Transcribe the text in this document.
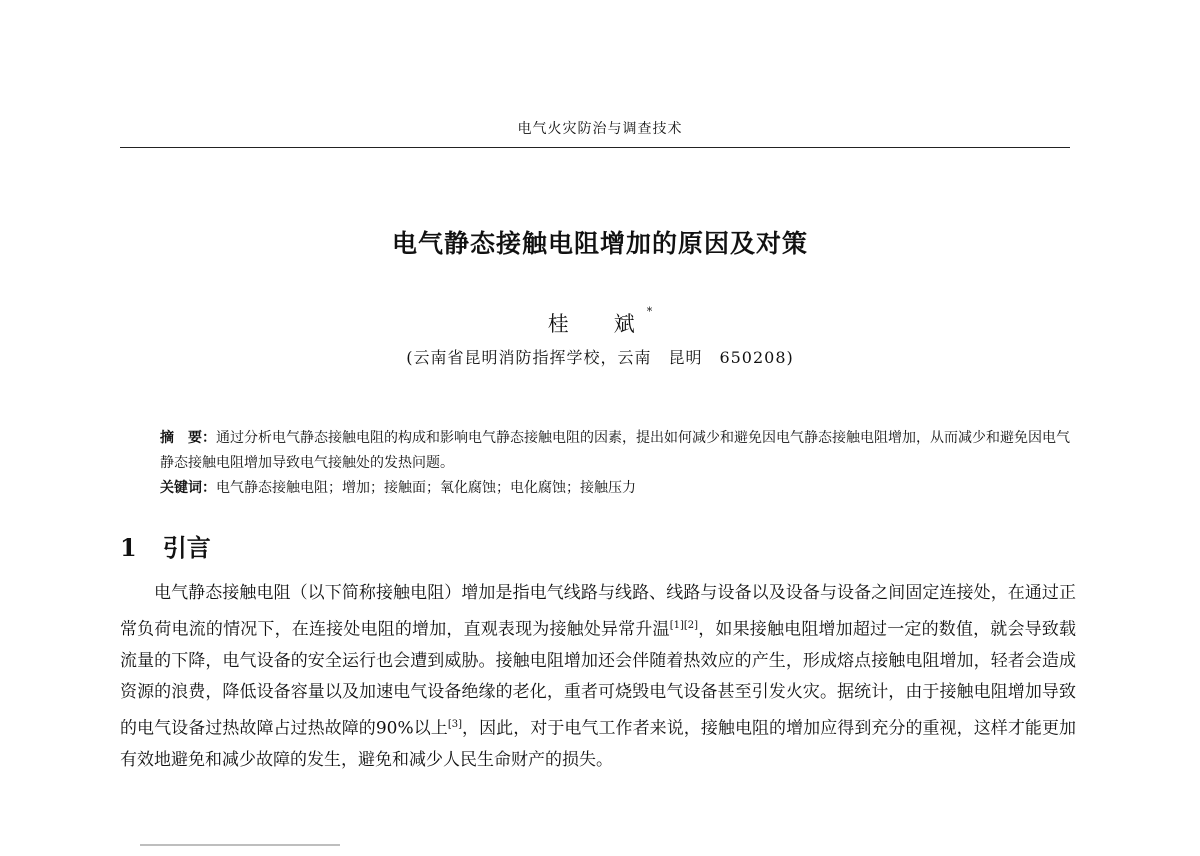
电气火灾防治与调查技术
电气静态接触电阻增加的原因及对策
桂　斌*
(云南省昆明消防指挥学校，云南　昆明　650208)
摘　要：通过分析电气静态接触电阻的构成和影响电气静态接触电阻的因素，提出如何减少和避免因电气静态接触电阻增加，从而减少和避免因电气静态接触电阻增加导致电气接触处的发热问题。
关键词：电气静态接触电阻；增加；接触面；氧化腐蚀；电化腐蚀；接触压力
1 引言

电气静态接触电阻（以下简称接触电阻）增加是指电气线路与线路、线路与设备以及设备与设备之间固定连接处，在通过正常负荷电流的情况下，在连接处电阻的增加，直观表现为接触处异常升温[1][2]，如果接触电阻增加超过一定的数值，就会导致载流量的下降，电气设备的安全运行也会遭到威胁。接触电阻增加还会伴随着热效应的产生，形成熔点接触电阻增加，轻者会造成资源的浪费，降低设备容量以及加速电气设备绝缘的老化，重者可烧毁电气设备甚至引发火灾。据统计，由于接触电阻增加导致的电气设备过热故障占过热故障的90%以上[3]，因此，对于电气工作者来说，接触电阻的增加应得到充分的重视，这样才能更加有效地避免和减少故障的发生，避免和减少人民生命财产的损失。
